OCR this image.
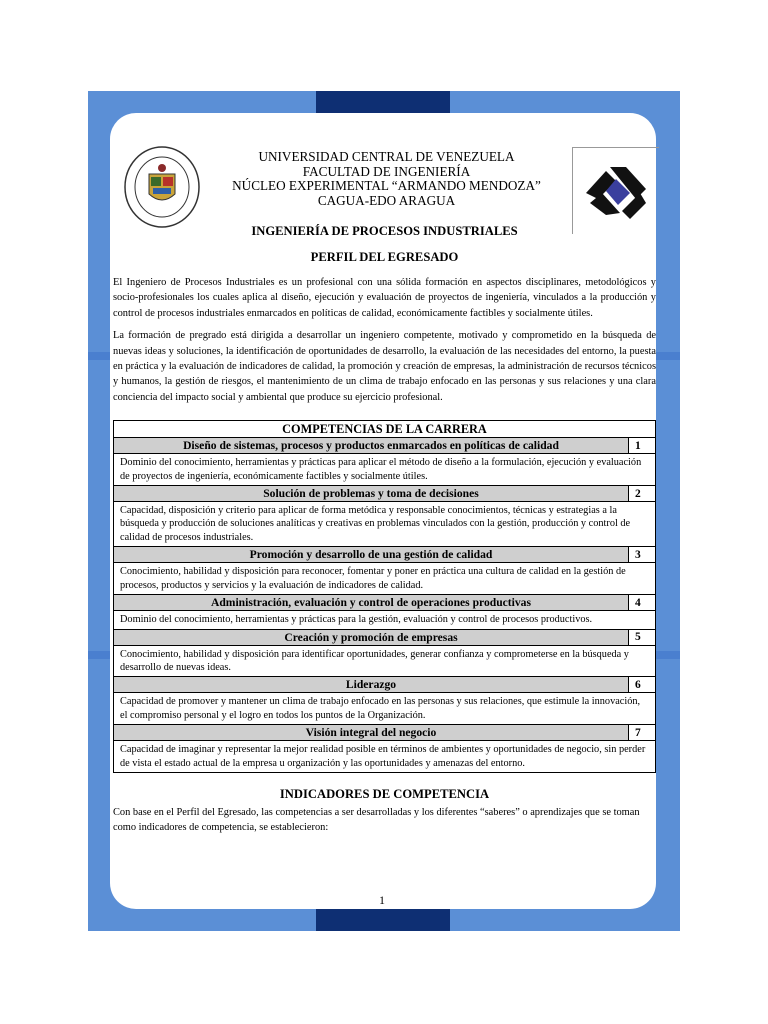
UNIVERSIDAD CENTRAL DE VENEZUELA
FACULTAD DE INGENIERÍA
NÚCLEO EXPERIMENTAL “ARMANDO MENDOZA”
CAGUA-EDO ARAGUA
INGENIERÍA DE PROCESOS INDUSTRIALES
PERFIL DEL EGRESADO

El Ingeniero de Procesos Industriales es un profesional con una sólida formación en aspectos disciplinares, metodológicos y socio-profesionales los cuales aplica al diseño, ejecución y evaluación de proyectos de ingeniería, vinculados a la producción y control de procesos industriales enmarcados en políticas de calidad, económicamente factibles y socialmente útiles.

La formación de pregrado está dirigida a desarrollar un ingeniero competente, motivado y comprometido en la búsqueda de nuevas ideas y soluciones, la identificación de oportunidades de desarrollo, la evaluación de las necesidades del entorno, la puesta en práctica y la evaluación de indicadores de calidad, la promoción y creación de empresas, la administración de recursos técnicos y humanos, la gestión de riesgos, el mantenimiento de un clima de trabajo enfocado en las personas y sus relaciones y una clara conciencia del impacto social y ambiental que produce su ejercicio profesional.

COMPETENCIAS DE LA CARRERA	
Diseño de sistemas, procesos y productos enmarcados en políticas de calidad	1
Dominio del conocimiento, herramientas y prácticas para aplicar el método de diseño a la formulación, ejecución y evaluación de proyectos de ingeniería, económicamente factibles y socialmente útiles.	
Solución de problemas y toma de decisiones	2
Capacidad, disposición y criterio para aplicar de forma metódica y responsable conocimientos, técnicas y estrategias a la búsqueda y producción de soluciones analíticas y creativas en problemas vinculados con la gestión, producción y control de calidad de procesos industriales.	
Promoción y desarrollo de una gestión de calidad	3
Conocimiento, habilidad y disposición para reconocer, fomentar y poner en práctica una cultura de calidad en la gestión de procesos, productos y servicios y la evaluación de indicadores de calidad.	
Administración, evaluación y control de operaciones productivas	4
Dominio del conocimiento, herramientas y prácticas para la gestión, evaluación y control de procesos productivos.	
Creación y promoción de empresas	5
Conocimiento, habilidad y disposición para identificar oportunidades, generar confianza y comprometerse en la búsqueda y desarrollo de nuevas ideas.	
Liderazgo	6
Capacidad de promover y mantener un clima de trabajo enfocado en las personas y sus relaciones, que estimule la innovación, el compromiso personal y el logro en todos los puntos de la Organización.	
Visión integral del negocio	7
Capacidad de imaginar y representar la mejor realidad posible en términos de ambientes y oportunidades de negocio, sin perder de vista el estado actual de la empresa u organización y las oportunidades y amenazas del entorno.	
INDICADORES DE COMPETENCIA
Con base en el Perfil del Egresado, las competencias a ser desarrolladas y los diferentes “saberes” o aprendizajes que se toman como indicadores de competencia, se establecieron:
1
